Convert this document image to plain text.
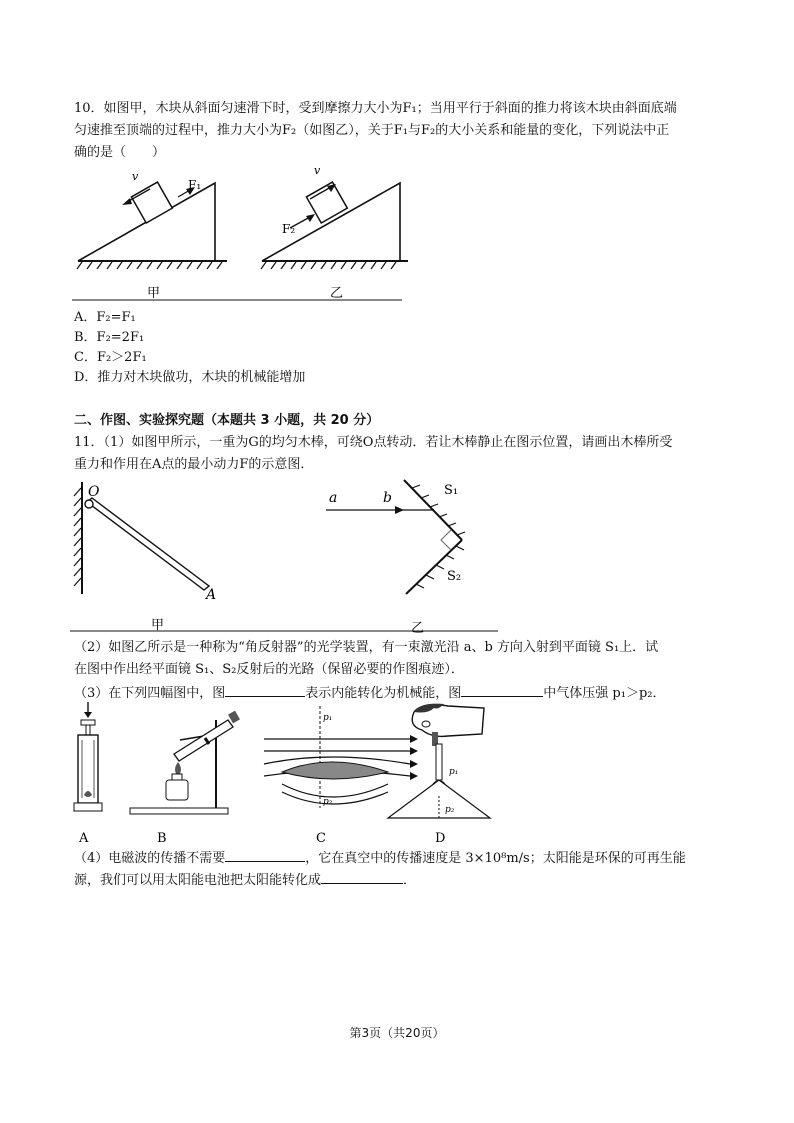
10．如图甲，木块从斜面匀速滑下时，受到摩擦力大小为F₁；当用平行于斜面的推力将该木块由斜面底端
匀速推至顶端的过程中，推力大小为F₂（如图乙），关于F₁与F₂的大小关系和能量的变化，下列说法中正
确的是（　　）
v
F₁
甲
v
F₂
乙
A．F₂=F₁
B．F₂=2F₁
C．F₂＞2F₁
D．推力对木块做功，木块的机械能增加
二、作图、实验探究题（本题共 3 小题，共 20 分）
11．（1）如图甲所示，一重为G的均匀木棒，可绕O点转动．若让木棒静止在图示位置，请画出木棒所受
重力和作用在A点的最小动力F的示意图．
O
A
甲
a	b	S₁
S₂
乙
（2）如图乙所示是一种称为“角反射器”的光学装置，有一束激光沿 a、b 方向入射到平面镜 S₁上．试
在图中作出经平面镜 S₁、S₂反射后的光路（保留必要的作图痕迹）．
（3）在下列四幅图中，图	表示内能转化为机械能，图	中气体压强 p₁＞p₂．
A	B
p₁
p₂
C
p₁
p₂
D
（4）电磁波的传播不需要	，它在真空中的传播速度是 3×10⁸m/s；太阳能是环保的可再生能
源，我们可以用太阳能电池把太阳能转化成	．
第3页（共20页）
